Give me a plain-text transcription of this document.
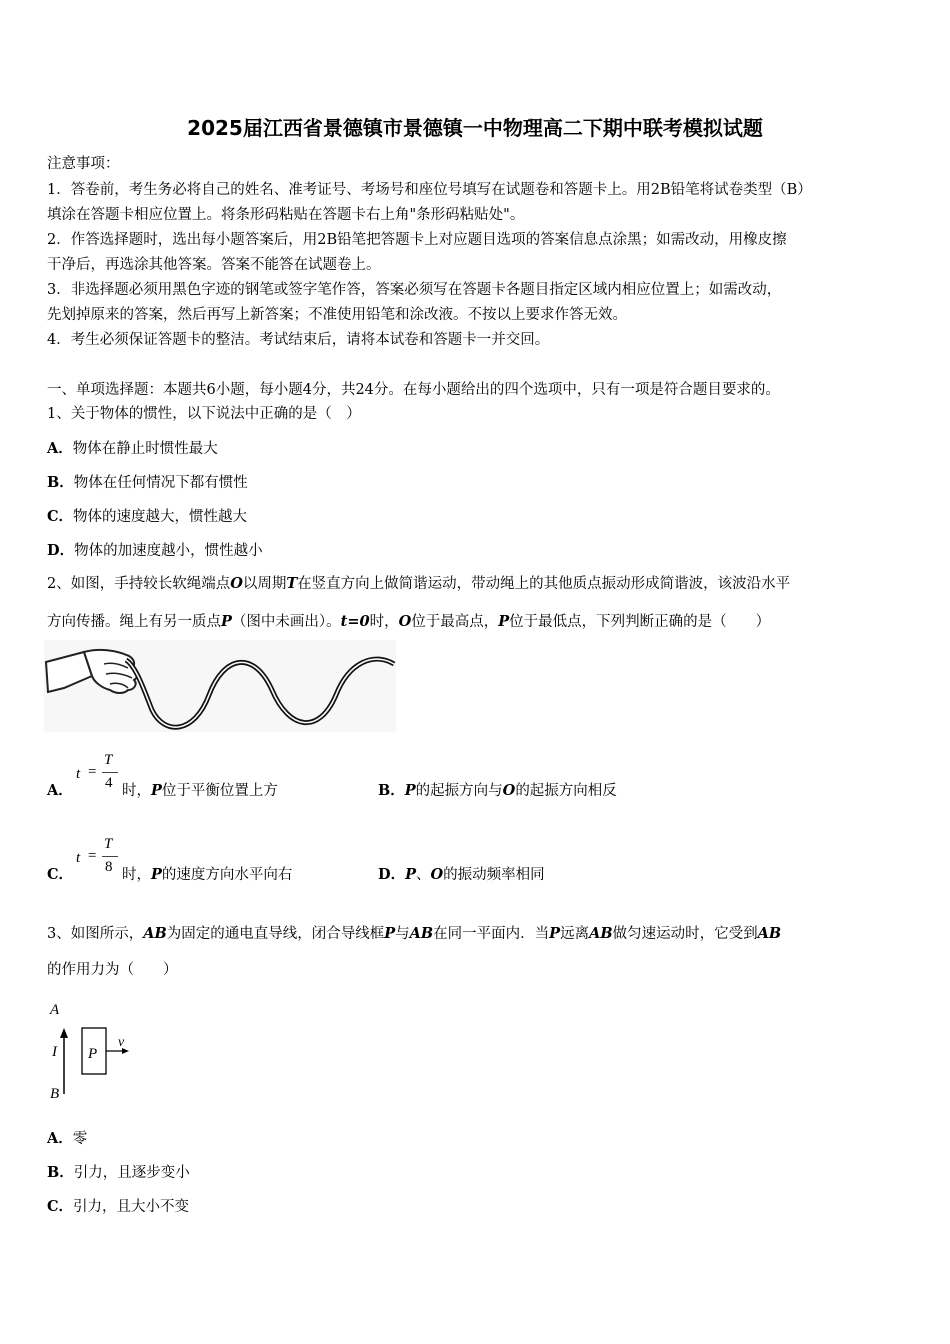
2025届江西省景德镇市景德镇一中物理高二下期中联考模拟试题
注意事项：
1．答卷前，考生务必将自己的姓名、准考证号、考场号和座位号填写在试题卷和答题卡上。用2B铅笔将试卷类型（B）
填涂在答题卡相应位置上。将条形码粘贴在答题卡右上角"条形码粘贴处"。
2．作答选择题时，选出每小题答案后，用2B铅笔把答题卡上对应题目选项的答案信息点涂黑；如需改动，用橡皮擦
干净后，再选涂其他答案。答案不能答在试题卷上。
3．非选择题必须用黑色字迹的钢笔或签字笔作答，答案必须写在答题卡各题目指定区域内相应位置上；如需改动，
先划掉原来的答案，然后再写上新答案；不准使用铅笔和涂改液。不按以上要求作答无效。
4．考生必须保证答题卡的整洁。考试结束后，请将本试卷和答题卡一并交回。
一、单项选择题：本题共6小题，每小题4分，共24分。在每小题给出的四个选项中，只有一项是符合题目要求的。
1、关于物体的惯性，以下说法中正确的是（　）
A．物体在静止时惯性最大
B．物体在任何情况下都有惯性
C．物体的速度越大，惯性越大
D．物体的加速度越小，惯性越小
2、如图，手持较长软绳端点O以周期T在竖直方向上做简谐运动，带动绳上的其他质点振动形成简谐波，该波沿水平
方向传播。绳上有另一质点P（图中未画出）。t=0时，O位于最高点，P位于最低点，下列判断正确的是（　　）
A．
t =
T
4 时，P位于平衡位置上方	B．P的起振方向与O的起振方向相反
C．
t =
T
8 时，P的速度方向水平向右	D．P、O的振动频率相同
3、如图所示，AB为固定的通电直导线，闭合导线框P与AB在同一平面内．当P远离AB做匀速运动时，它受到AB
的作用力为（　　）
A
I P
v
B
A．零
B．引力，且逐步变小
C．引力，且大小不变
